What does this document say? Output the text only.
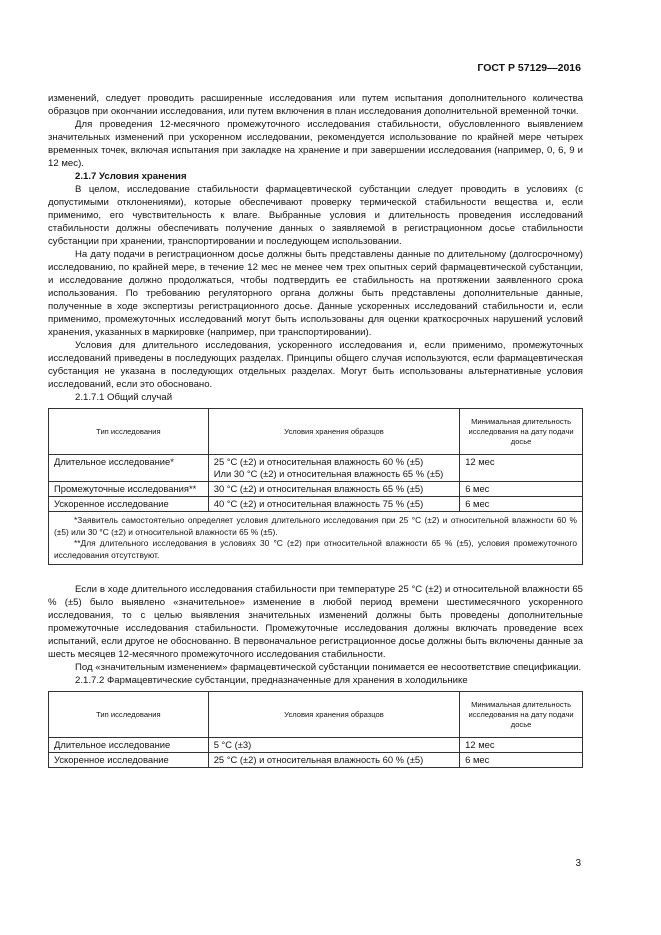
ГОСТ Р 57129—2016

изменений, следует проводить расширенные исследования или путем испытания дополнительного количества образцов при окончании исследования, или путем включения в план исследования дополнительной временной точки.

Для проведения 12-месячного промежуточного исследования стабильности, обусловленного выявлением значительных изменений при ускоренном исследовании, рекомендуется использование по крайней мере четырех временных точек, включая испытания при закладке на хранение и при завершении исследования (например, 0, 6, 9 и 12 мес).

2.1.7 Условия хранения

В целом, исследование стабильности фармацевтической субстанции следует проводить в условиях (с допустимыми отклонениями), которые обеспечивают проверку термической стабильности вещества и, если применимо, его чувствительность к влаге. Выбранные условия и длительность проведения исследований стабильности должны обеспечивать получение данных о заявляемой в регистрационном досье стабильности субстанции при хранении, транспортировании и последующем использовании.

На дату подачи в регистрационном досье должны быть представлены данные по длительному (долгосрочному) исследованию, по крайней мере, в течение 12 мес не менее чем трех опытных серий фармацевтической субстанции, и исследование должно продолжаться, чтобы подтвердить ее стабильность на протяжении заявленного срока использования. По требованию регуляторного органа должны быть представлены дополнительные данные, полученные в ходе экспертизы регистрационного досье. Данные ускоренных исследований стабильности и, если применимо, промежуточных исследований могут быть использованы для оценки краткосрочных нарушений условий хранения, указанных в маркировке (например, при транспортировании).

Условия для длительного исследования, ускоренного исследования и, если применимо, промежуточных исследований приведены в последующих разделах. Принципы общего случая используются, если фармацевтическая субстанция не указана в последующих отдельных разделах. Могут быть использованы альтернативные условия исследований, если это обосновано.

2.1.7.1 Общий случай

Тип исследования	Условия хранения образцов	Минимальная длительность исследования на дату подачи досье
Длительное исследование*	25 °C (±2) и относительная влажность 60 % (±5)
Или 30 °C (±2) и относительная влажность 65 % (±5)	12 мес
Промежуточные исследования**	30 °C (±2) и относительная влажность 65 % (±5)	6 мес
Ускоренное исследование	40 °C (±2) и относительная влажность 75 % (±5)	6 мес

*Заявитель самостоятельно определяет условия длительного исследования при 25 °C (±2) и относительной влажности 60 % (±5) или 30 °C (±2) и относительной влажности 65 % (±5).
**Для длительного исследования в условиях 30 °C (±2) при относительной влажности 65 % (±5), условия промежуточного исследования отсутствуют.		

Если в ходе длительного исследования стабильности при температуре 25 °C (±2) и относительной влажности 65 % (±5) было выявлено «значительное» изменение в любой период времени шестимесячного ускоренного исследования, то с целью выявления значительных изменений должны быть проведены дополнительные промежуточные исследования стабильности. Промежуточные исследования должны включать проведение всех испытаний, если другое не обоснованно. В первоначальное регистрационное досье должны быть включены данные за шесть месяцев 12-месячного промежуточного исследования стабильности.

Под «значительным изменением» фармацевтической субстанции понимается ее несоответствие спецификации.

2.1.7.2 Фармацевтические субстанции, предназначенные для хранения в холодильнике

Тип исследования	Условия хранения образцов	Минимальная длительность исследования на дату подачи досье
Длительное исследование	5 °C (±3)	12 мес
Ускоренное исследование	25 °C (±2) и относительная влажность 60 % (±5)	6 мес
3
